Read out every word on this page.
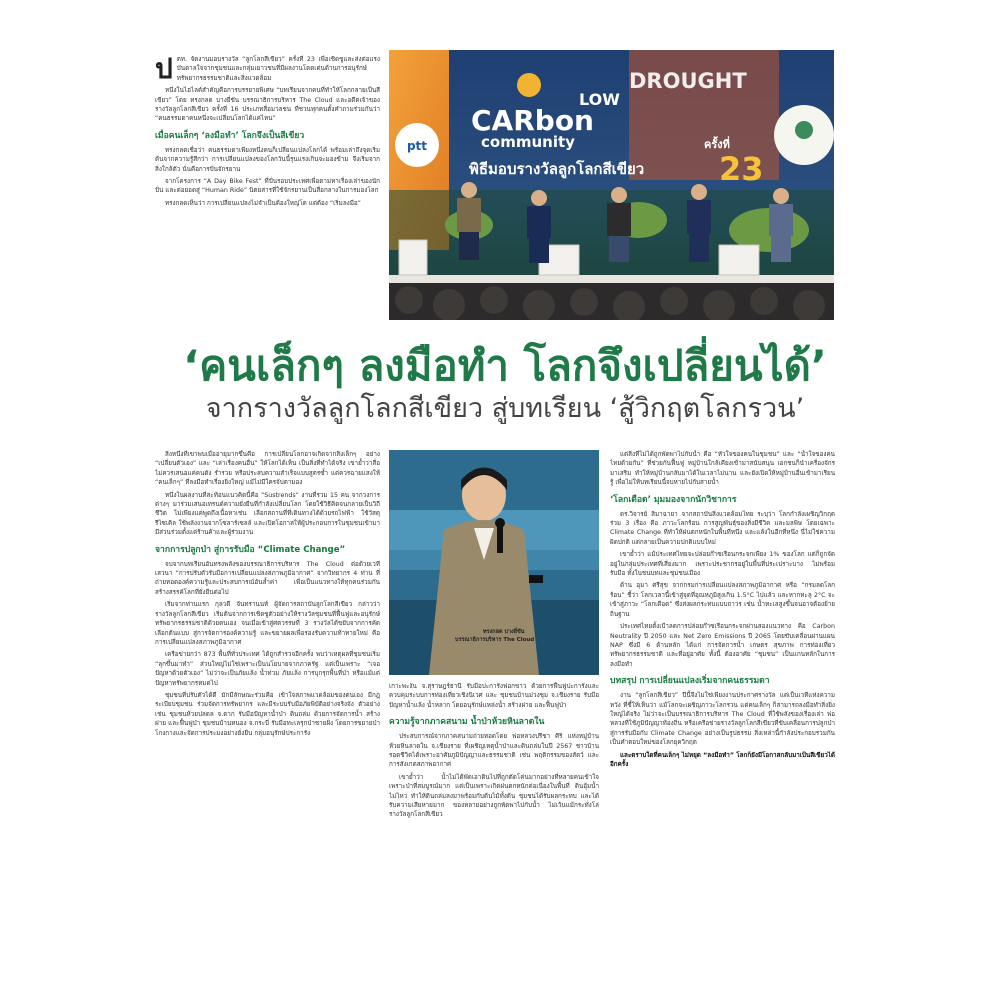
ป ตท. จัดงานมอบรางวัล “ลูกโลกสีเขียว” ครั้งที่ 23 เพื่อเชิดชูและส่งต่อแรงบันดาลใจจากชุมชนและกลุ่มเยาวชนที่มีผลงานโดดเด่นด้านการอนุรักษ์ทรัพยากรธรรมชาติและสิ่งแวดล้อม

หนึ่งในไฮไลต์สำคัญคือการบรรยายพิเศษ “บทเรียนจากคนที่ทำให้โลกกลายเป็นสีเขียว” โดย ทรงกลด บางยี่ขัน บรรณาธิการบริหาร The Cloud และอดีตเจ้าของรางวัลลูกโลกสีเขียว ครั้งที่ 16 ประเภทสื่อมวลชน ที่ชวนทุกคนตั้งคำถามร่วมกันว่า “คนธรรมดาคนหนึ่งจะเปลี่ยนโลกได้แค่ไหน”

เมื่อคนเล็กๆ ‘ลงมือทำ’ โลกจึงเป็นสีเขียว

ทรงกลดเชื่อว่า คนธรรมดาเพียงหนึ่งคนก็เปลี่ยนแปลงโลกได้ พร้อมเล่าถึงจุดเริ่มต้นจากความรู้สึกว่า การเปลี่ยนแปลงของโลกวันนี้รุนแรงเกินจะมองข้าม จึงเริ่มจากสิ่งใกล้ตัว นั่นคือการปั่นจักรยาน

จากโครงการ “A Day Bike Fest” ที่ปั่นรอบประเทศเพื่อตามหาเรื่องเล่าของนักปั่น และต่อยอดสู่ “Human Ride” นิตยสารที่ใช้จักรยานเป็นสื่อกลางในการมองโลก

ทรงกลดเห็นว่า การเปลี่ยนแปลงไม่จำเป็นต้องใหญ่โต แต่ต้อง “เริ่มลงมือ”

ptt
LOW
CARbon
community
DROUGHT
พิธีมอบรางวัลลูกโลกสีเขียว
ครั้งที่
23
‘คนเล็กๆ ลงมือทำ โลกจึงเปลี่ยนได้’
จากรางวัลลูกโลกสีเขียว สู่บทเรียน ‘สู้วิกฤตโลกรวน’

สิ่งหนึ่งที่เขาพบเมื่ออายุมากขึ้นคือ การเปลี่ยนโลกอาจเกิดจากสิ่งเล็กๆ อย่าง “เปลี่ยนตัวเอง” และ “เล่าเรื่องคนอื่น” ให้โลกได้เห็น เป็นสิ่งที่ทำได้จริง เขาย้ำว่าสื่อไม่ควรเสนอแค่คนดัง ร่ำรวย หรือประสบความสำเร็จแบบสูตรซ้ำ แต่ควรฉายแสงให้ “คนเล็กๆ” ที่ลงมือทำเรื่องยิ่งใหญ่ แม้ไม่มีใครจับตามอง

หนึ่งในผลงานที่สะท้อนแนวคิดนี้คือ “Sustrends” งานที่รวม 15 คน จากวงการต่างๆ มาร่วมเสนอเทรนด์ความยั่งยืนที่กำลังเปลี่ยนโลก โดยใช้วิธีคิดจนกลายเป็นวิถีชีวิต ไม่เพียงแค่พูดถึงเนื้อหาเช่น เลือกสถานที่ที่เดินทางได้ด้วยรถไฟฟ้า ใช้วัสดุรีไซเคิล ใช้พลังงานจากโซลาร์เซลล์ และเปิดโอกาสให้ผู้ประกอบการในชุมชนเข้ามามีส่วนร่วมตั้งแต่ร้านค้าและผู้ร่วมงาน

จากการปลูกป่า สู่การรับมือ “Climate Change”

จบจากบทเรียนอันทรงพลังของบรรณาธิการบริหาร The Cloud ต่อด้วยเวทีเสวนา “การปรับตัวรับมือการเปลี่ยนแปลงสภาพภูมิอากาศ” จากวิทยากร 4 ท่าน ที่ถ่ายทอดองค์ความรู้และประสบการณ์อันล้ำค่า เพื่อเป็นแนวทางให้ทุกคนร่วมกันสร้างสรรค์โลกที่ยั่งยืนต่อไป

เริ่มจากท่านแรก กุลวดี จันทรานนท์ ผู้จัดการสถาบันลูกโลกสีเขียว กล่าวว่า รางวัลลูกโลกสีเขียว เริ่มต้นจากการเชิดชูตัวอย่างให้รางวัลชุมชนที่ฟื้นฟูและอนุรักษ์ทรัพยากรธรรมชาติด้วยตนเอง จนเมื่อเข้าสู่ศตวรรษที่ 3 รางวัลได้ขยับจากการคัดเลือกต้นแบบ สู่การจัดการองค์ความรู้ และขยายผลเพื่อรองรับความท้าทายใหม่ คือการเปลี่ยนแปลงสภาพภูมิอากาศ

เครือข่ายกว่า 873 พื้นที่ทั่วประเทศ ได้ถูกสำรวจอีกครั้ง พบว่าเหตุผลที่ชุมชนเริ่ม “ลุกขึ้นมาทำ” ส่วนใหญ่ไม่ใช่เพราะเป็นนโยบายจากภาครัฐ แต่เป็นเพราะ “เจอปัญหาด้วยตัวเอง” ไม่ว่าจะเป็นภัยแล้ง น้ำท่วม ภัยแล้ง การบุกรุกพื้นที่ป่า หรือแม้แต่ปัญหาทรัพยากรหมดไป

ชุมชนที่ปรับตัวได้ดี มักมีลักษณะร่วมคือ เข้าใจสภาพแวดล้อมของตนเอง มีกฎระเบียบชุมชน ร่วมจัดการทรัพยากร และมีระบบรับมือภัยพิบัติอย่างจริงจัง ตัวอย่างเช่น ชุมชนห้วยปลดล จ.ตาก รับมือปัญหาน้ำป่า ดินถล่ม ด้วยการจัดการน้ำ สร้างฝาย และฟื้นฟูป่า ชุมชนบ้านหนอง จ.กระบี่ รับมือทะเลรุกป่าชายฝั่ง โดยการขยายป่าโกงกางและจัดการประมงอย่างยั่งยืน กลุ่มอนุรักษ์ประการัง

ทรงกลด บางยี่ขัน
บรรณาธิการบริหาร The Cloud

เกาะพะงัน จ.สุราษฎร์ธานี รับมือปะการังฟอกขาว ด้วยการฟื้นฟูปะการังและควบคุมระบบการท่องเที่ยวเชิงนิเวศ และ ชุมชนบ้านม่วงชุม จ.เชียงราย รับมือปัญหาน้ำแล้ง น้ำหลาก โดยอนุรักษ์แหล่งน้ำ สร้างฝาย และฟื้นฟูป่า

ความรู้จากภาคสนาม น้ำป่าห้วยหินลาดใน

ประสบการณ์จากภาคสนามถ่ายทอดโดย พ่อหลวงปรีชา ศิริ แห่งหมู่บ้านห้วยหินลาดใน จ.เชียงราย ที่เผชิญเหตุน้ำป่าและดินถล่มในปี 2567 ชาวบ้านรอดชีวิตได้เพราะอาศัยภูมิปัญญาและธรรมชาติ เช่น พฤติกรรมของสัตว์ และการสังเกตสภาพอากาศ

เขาย้ำว่า น้ำไม่ได้พัดเอาดินไปที่ถูกตัดโค่นมากอย่างที่หลายคนเข้าใจ เพราะป่าที่สมบูรณ์มาก แต่เป็นเพราะเกิดฝนตกหนักต่อเนื่องในพื้นที่ ดินอุ้มน้ำไม่ไหว ทำให้ดินถล่มลงมาพร้อมกับต้นไม้ทั้งต้น ชุมชนได้รับผลกระทบ และได้รับความเสียหายมาก ของหลายอย่างถูกพัดพาไปกับน้ำ ไม่เว้นแม้กระทั่งโล่รางวัลลูกโลกสีเขียว

แต่สิ่งที่ไม่ได้ถูกพัดพาไปกับน้ำ คือ “หัวใจของคนในชุมชน” และ “น้ำใจของคนไทยด้วยกัน” ที่ช่วยกันฟื้นฟู หมู่บ้านใกล้เคียงเข้ามาสนับสนุน เอกชนก็นำเครื่องจักรมาเสริม ทำให้หมู่บ้านกลับมาได้ในเวลาไม่นาน และยังเปิดให้หมู่บ้านอื่นเข้ามาเรียนรู้ เพื่อไม่ให้บทเรียนนี้จบหายไปกับสายน้ำ

‘โลกเดือด’ มุมมองจากนักวิชาการ

ดร.วิจารย์ สิมาฉายา จากสถาบันสิ่งแวดล้อมไทย ระบุว่า โลกกำลังเผชิญวิกฤตร่วม 3 เรื่อง คือ ภาวะโลกร้อน การสูญพันธุ์ของสิ่งมีชีวิต และมลพิษ โดยเฉพาะ Climate Change ที่ทำให้ฝนตกหนักในพื้นที่หนึ่ง และแล้งในอีกที่หนึ่ง นี่ไม่ใช่ความผิดปกติ แต่กลายเป็นความปกติแบบใหม่

เขาย้ำว่า แม้ประเทศไทยจะปล่อยก๊าซเรือนกระจกเพียง 1% ของโลก แต่ก็ถูกจัดอยู่ในกลุ่มประเทศที่เสี่ยงมาก เพราะประชากรอยู่ในพื้นที่ประเปราะบาง ไม่พร้อมรับมือ ทั้งในชนบทและชุมชนเมือง

ด้าน อุมา ศรีสุข จากกรมการเปลี่ยนแปลงสภาพภูมิอากาศ หรือ “กรมลดโลกร้อน” ชี้ว่า โลกเวลานี้เข้าสู่จุดที่อุณหภูมิสูงเกิน 1.5°C ไปแล้ว และหากทะลุ 2°C จะเข้าสู่ภาวะ “โลกเดือด” ซึ่งส่งผลกระทบแบบถาวร เช่น น้ำทะเลสูงขึ้นจนอาจต้องย้ายถิ่นฐาน

ประเทศไทยตั้งเป้าลดการปล่อยก๊าซเรือนกระจกผ่านสองแนวทาง คือ Carbon Neutrality ปี 2050 และ Net Zero Emissions ปี 2065 โดยขับเคลื่อนผ่านแผน NAP ซึ่งมี 6 ด้านหลัก ได้แก่ การจัดการน้ำ เกษตร สุขภาพ การท่องเที่ยว ทรัพยากรธรรมชาติ และที่อยู่อาศัย ทั้งนี้ ต้องอาศัย “ชุมชน” เป็นแกนหลักในการลงมือทำ

บทสรุป การเปลี่ยนแปลงเริ่มจากคนธรรมดา

งาน “ลูกโลกสีเขียว” ปีนี้จึงไม่ใช่เพียงงานประกาศรางวัล แต่เป็นเวทีแห่งความหวัง ที่ชี้ให้เห็นว่า แม้โลกจะเผชิญภาวะโลกรวน แต่คนเล็กๆ ก็สามารถลงมือทำสิ่งยิ่งใหญ่ได้จริง ไม่ว่าจะเป็นบรรณาธิการบริหาร The Cloud ที่ใช้พลังของเรื่องเล่า พ่อหลวงที่ใช้ภูมิปัญญาท้องถิ่น หรือเครือข่ายรางวัลลูกโลกสีเขียวที่ขับเคลื่อนการปลูกป่า สู่การรับมือกับ Climate Change อย่างเป็นรูปธรรม สิ่งเหล่านี้กำลังประกอบรวมกันเป็นคำตอบใหม่ของโลกยุควิกฤต

และตราบใดที่คนเล็กๆ ไม่หยุด “ลงมือทำ” โลกก็ยังมีโอกาสกลับมาเป็นสีเขียวได้อีกครั้ง
